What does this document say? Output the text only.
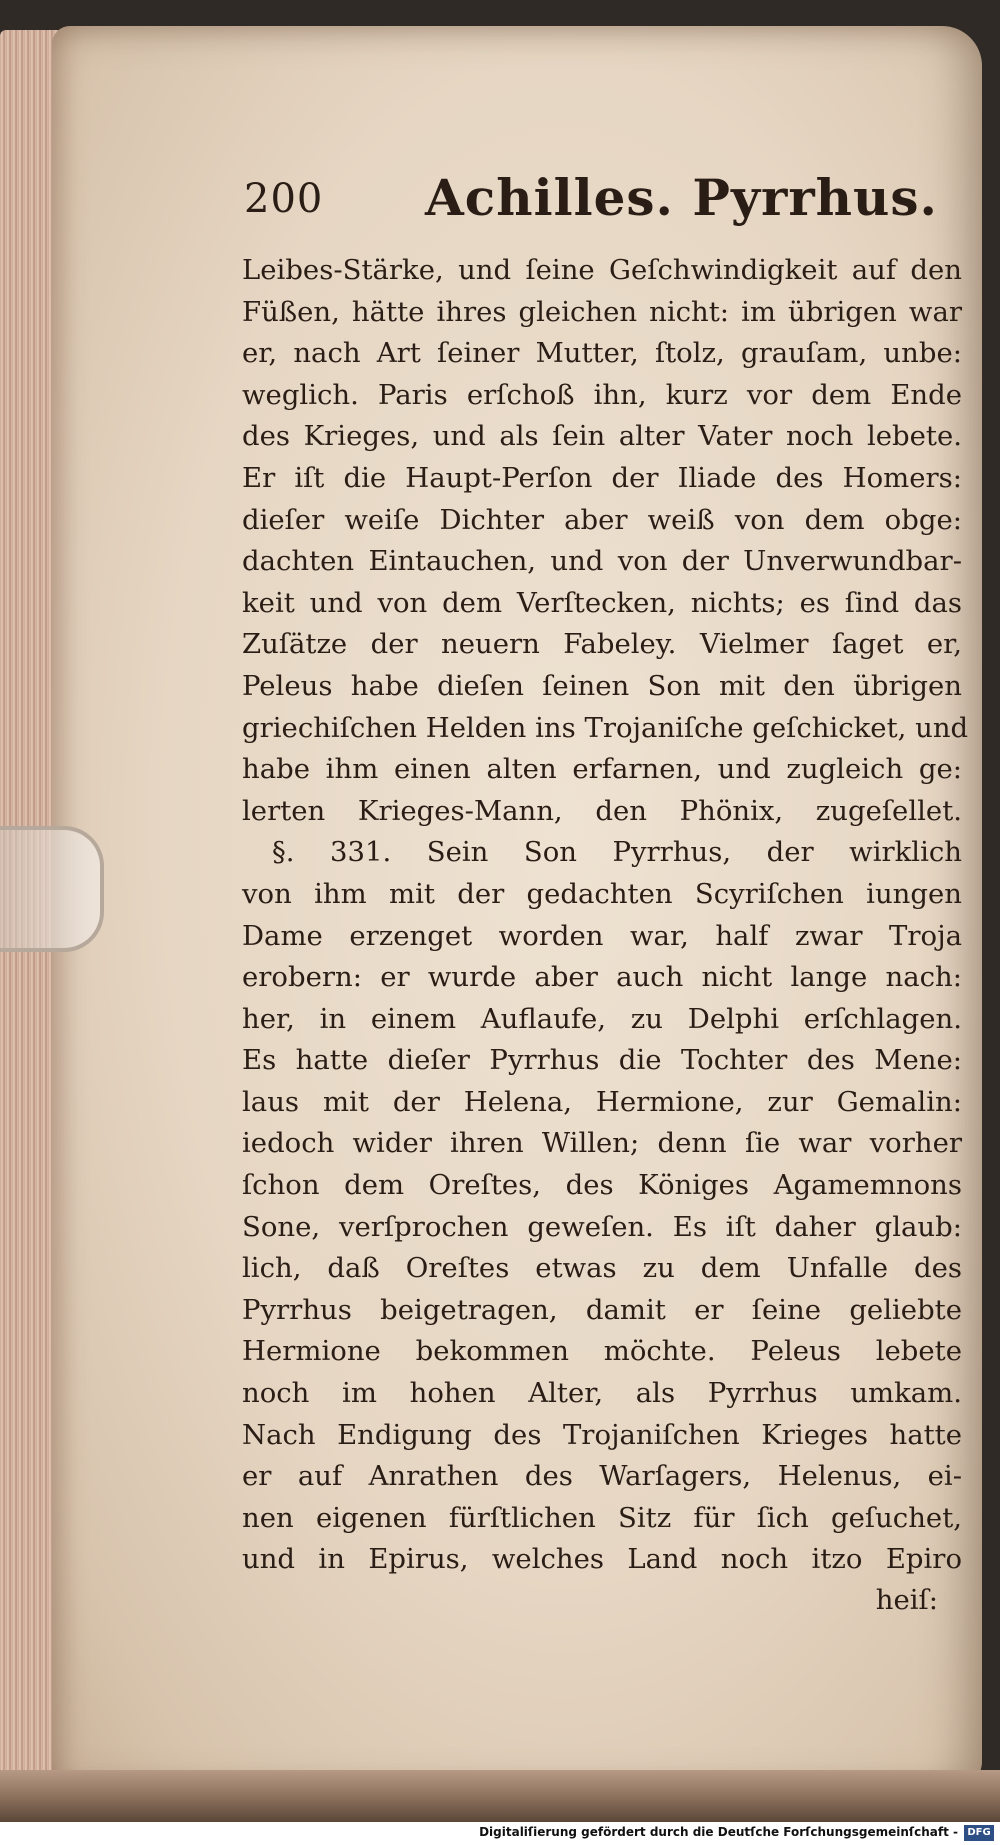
200 Achilles. Pyrrhus.
Leibes-Stärke, und ſeine Geſchwindigkeit auf den
Füßen, hätte ihres gleichen nicht: im übrigen war
er, nach Art ſeiner Mutter, ſtolz, grauſam, unbe:
weglich. Paris erſchoß ihn, kurz vor dem Ende
des Krieges, und als ſein alter Vater noch lebete.
Er iſt die Haupt-Perſon der Iliade des Homers:
dieſer weiſe Dichter aber weiß von dem obge:
dachten Eintauchen, und von der Unverwundbar-
keit und von dem Verſtecken, nichts; es ſind das
Zuſätze der neuern Fabeley. Vielmer ſaget er,
Peleus habe dieſen ſeinen Son mit den übrigen
griechiſchen Helden ins Trojaniſche geſchicket, und
habe ihm einen alten erfarnen, und zugleich ge:
lerten Krieges-Mann, den Phönix, zugeſellet.
§. 331. Sein Son Pyrrhus, der wirklich
von ihm mit der gedachten Scyriſchen iungen
Dame erzenget worden war, half zwar Troja
erobern: er wurde aber auch nicht lange nach:
her, in einem Auflaufe, zu Delphi erſchlagen.
Es hatte dieſer Pyrrhus die Tochter des Mene:
laus mit der Helena, Hermione, zur Gemalin:
iedoch wider ihren Willen; denn ſie war vorher
ſchon dem Oreſtes, des Königes Agamemnons
Sone, verſprochen geweſen. Es iſt daher glaub:
lich, daß Oreſtes etwas zu dem Unfalle des
Pyrrhus beigetragen, damit er ſeine geliebte
Hermione bekommen möchte. Peleus lebete
noch im hohen Alter, als Pyrrhus umkam.
Nach Endigung des Trojaniſchen Krieges hatte
er auf Anrathen des Warſagers, Helenus, ei-
nen eigenen fürſtlichen Sitz für ſich geſuchet,
und in Epirus, welches Land noch itzo Epiro
heiſ:
Digitaliſierung gefördert durch die Deutſche Forſchungsgemeinſchaft - DFG
